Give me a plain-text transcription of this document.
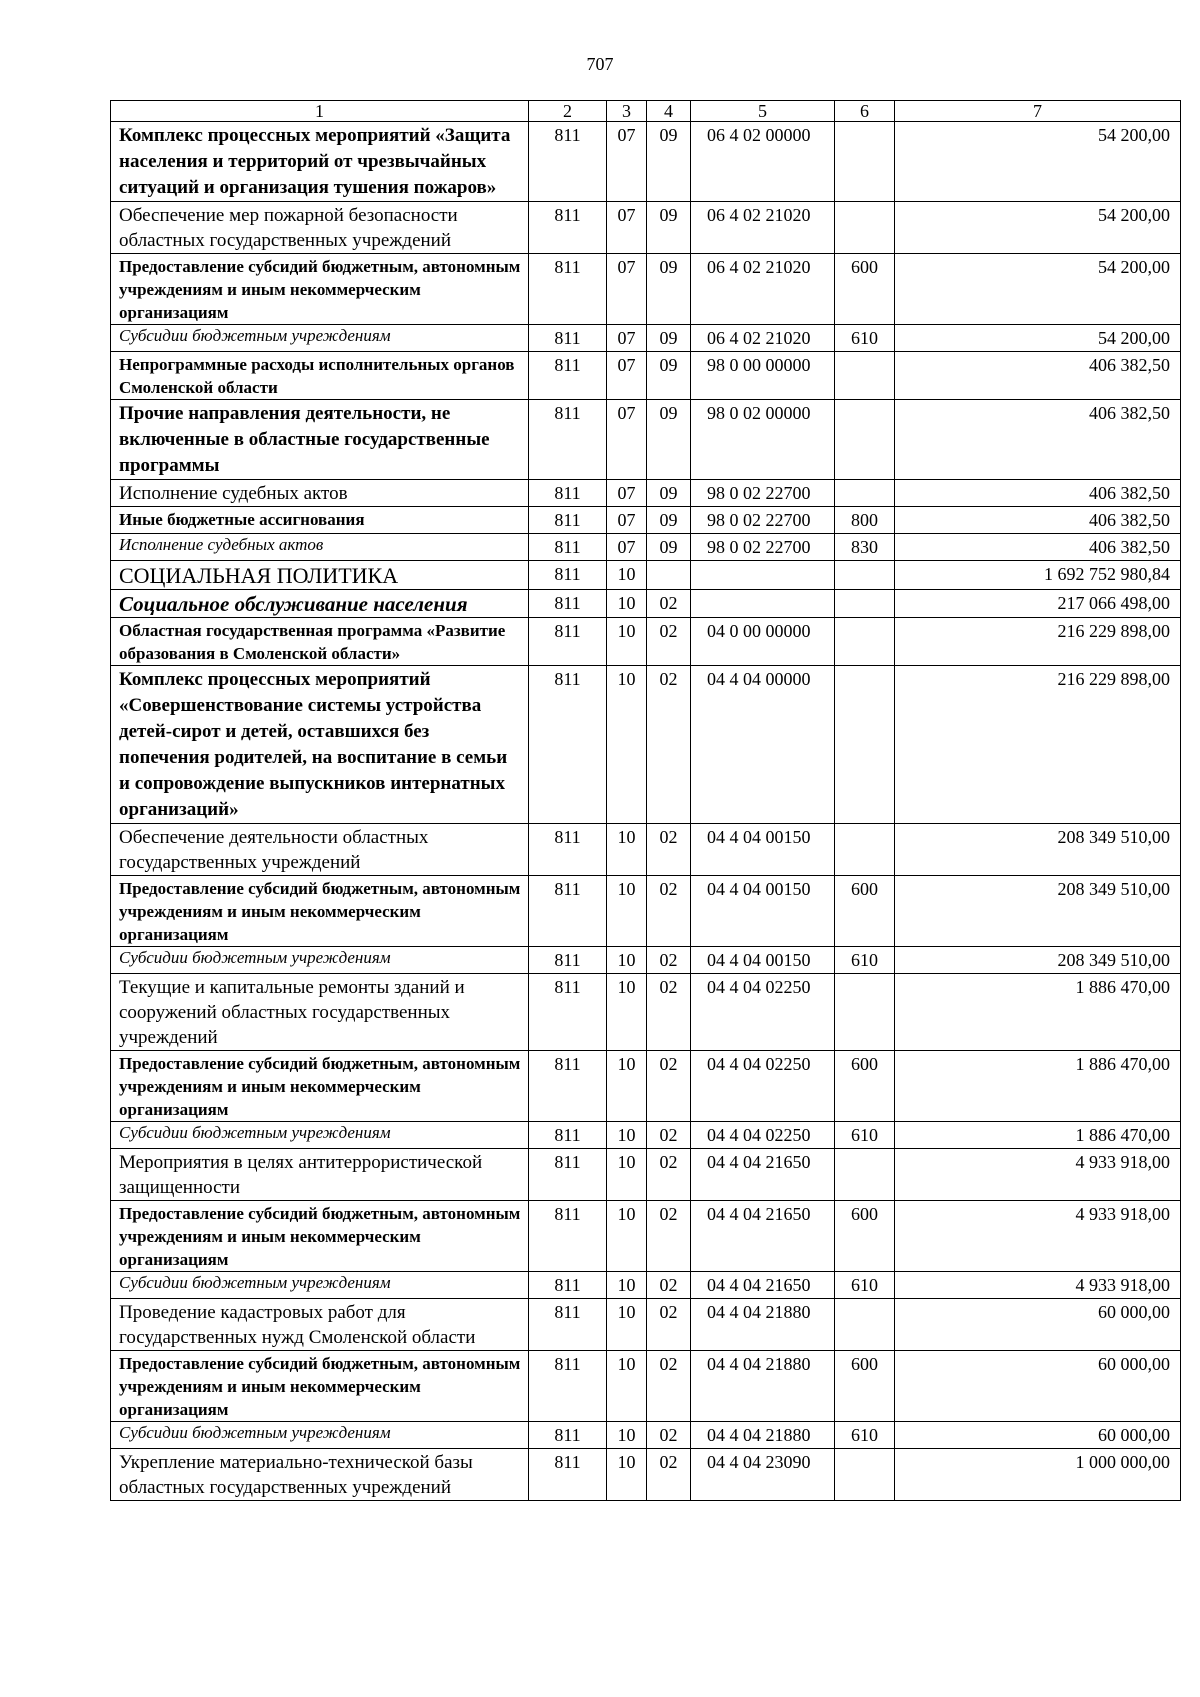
707
1	2	3	4	5	6	7
Комплекс процессных мероприятий «Защита населения и территорий от чрезвычайных ситуаций и организация тушения пожаров»	811	07	09	06 4 02 00000		54 200,00
Обеспечение мер пожарной безопасности областных государственных учреждений	811	07	09	06 4 02 21020		54 200,00
Предоставление субсидий бюджетным, автономным учреждениям и иным некоммерческим организациям	811	07	09	06 4 02 21020	600	54 200,00
Субсидии бюджетным учреждениям	811	07	09	06 4 02 21020	610	54 200,00
Непрограммные расходы исполнительных органов Смоленской области	811	07	09	98 0 00 00000		406 382,50
Прочие направления деятельности, не включенные в областные государственные программы	811	07	09	98 0 02 00000		406 382,50
Исполнение судебных актов	811	07	09	98 0 02 22700		406 382,50
Иные бюджетные ассигнования	811	07	09	98 0 02 22700	800	406 382,50
Исполнение судебных актов	811	07	09	98 0 02 22700	830	406 382,50
СОЦИАЛЬНАЯ ПОЛИТИКА	811	10				1 692 752 980,84
Социальное обслуживание населения	811	10	02			217 066 498,00
Областная государственная программа «Развитие образования в Смоленской области»	811	10	02	04 0 00 00000		216 229 898,00
Комплекс процессных мероприятий «Совершенствование системы устройства детей-сирот и детей, оставшихся без попечения родителей, на воспитание в семьи и сопровождение выпускников интернатных организаций»	811	10	02	04 4 04 00000		216 229 898,00
Обеспечение деятельности областных государственных учреждений	811	10	02	04 4 04 00150		208 349 510,00
Предоставление субсидий бюджетным, автономным учреждениям и иным некоммерческим организациям	811	10	02	04 4 04 00150	600	208 349 510,00
Субсидии бюджетным учреждениям	811	10	02	04 4 04 00150	610	208 349 510,00
Текущие и капитальные ремонты зданий и сооружений областных государственных учреждений	811	10	02	04 4 04 02250		1 886 470,00
Предоставление субсидий бюджетным, автономным учреждениям и иным некоммерческим организациям	811	10	02	04 4 04 02250	600	1 886 470,00
Субсидии бюджетным учреждениям	811	10	02	04 4 04 02250	610	1 886 470,00
Мероприятия в целях антитеррористической защищенности	811	10	02	04 4 04 21650		4 933 918,00
Предоставление субсидий бюджетным, автономным учреждениям и иным некоммерческим организациям	811	10	02	04 4 04 21650	600	4 933 918,00
Субсидии бюджетным учреждениям	811	10	02	04 4 04 21650	610	4 933 918,00
Проведение кадастровых работ для государственных нужд Смоленской области	811	10	02	04 4 04 21880		60 000,00
Предоставление субсидий бюджетным, автономным учреждениям и иным некоммерческим организациям	811	10	02	04 4 04 21880	600	60 000,00
Субсидии бюджетным учреждениям	811	10	02	04 4 04 21880	610	60 000,00
Укрепление материально-технической базы областных государственных учреждений	811	10	02	04 4 04 23090		1 000 000,00
